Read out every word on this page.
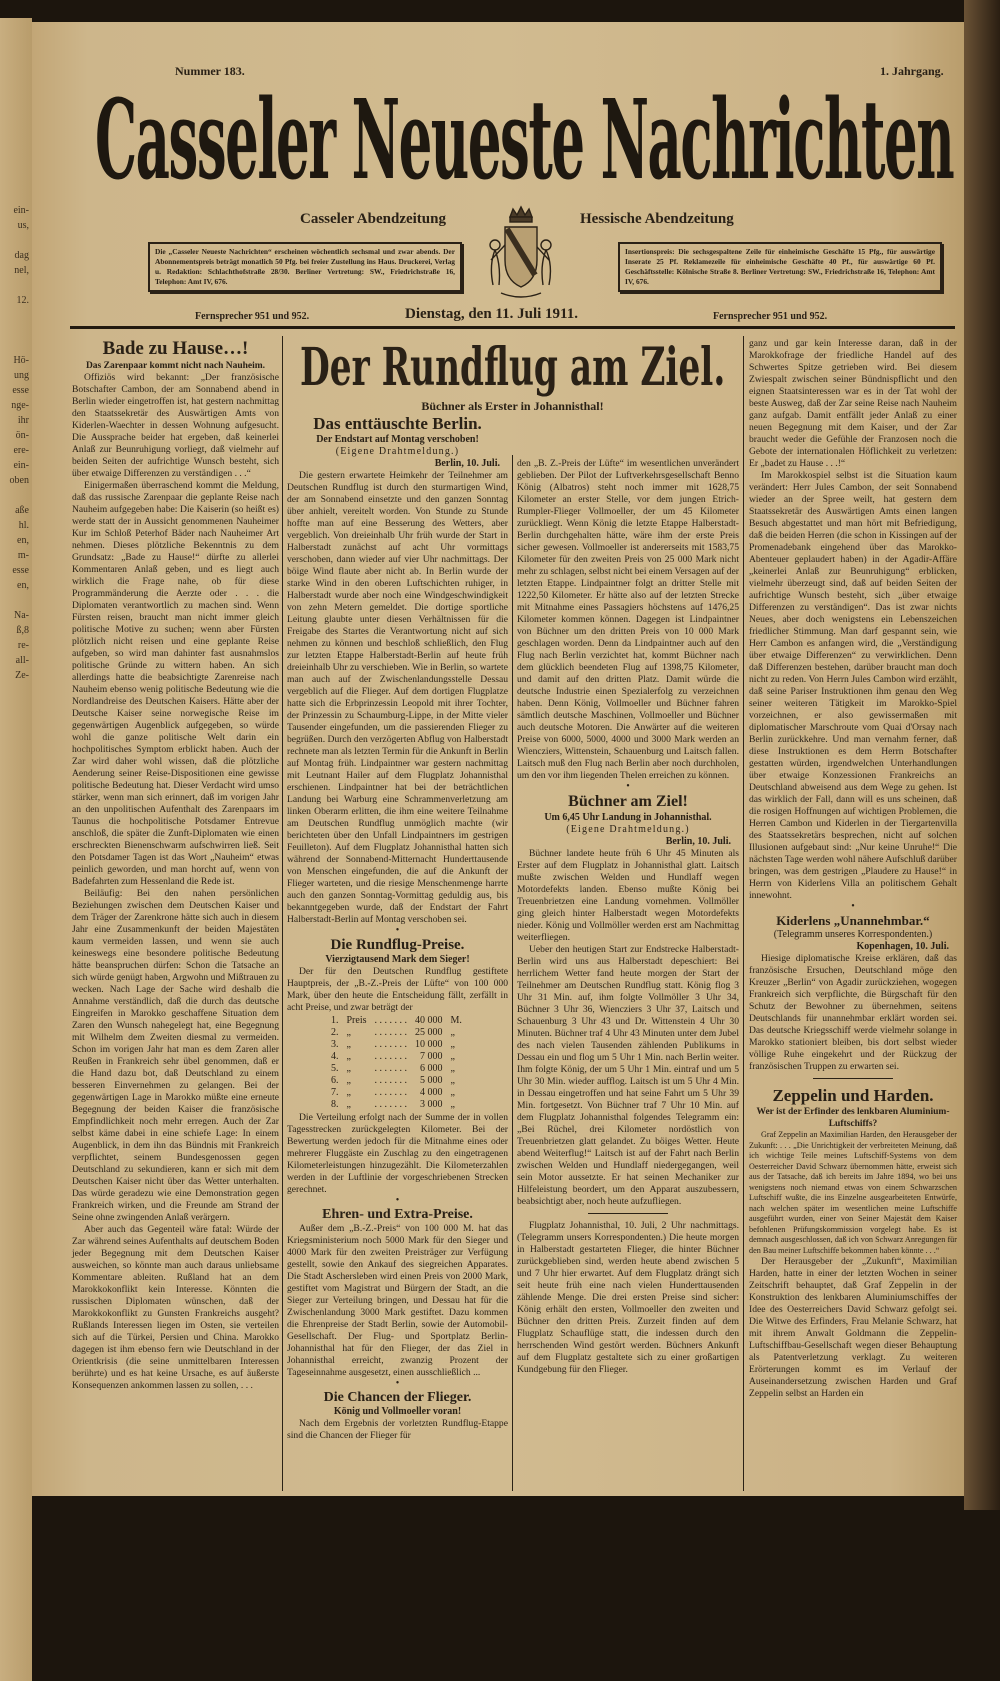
ein-
us,

dag
nel,

12.

Hö-
ung
esse
nge-
ihr
ön-
ere-
ein-
oben

aße
hl.
en,
m-
esse
en,

Na-
ß,8
re-
all-
Ze-
Nummer 183.	1. Jahrgang.
Casseler Neueste Nachrichten
Casseler Abendzeitung	Hessische Abendzeitung
Die „Casseler Neueste Nachrichten“ erscheinen wöchentlich sechsmal und zwar abends. Der Abonnementspreis beträgt monatlich 50 Pfg. bei freier Zustellung ins Haus. Druckerei, Verlag u. Redaktion: Schlachthofstraße 28/30. Berliner Vertretung: SW., Friedrichstraße 16, Telephon: Amt IV, 676.
Insertionspreis: Die sechsgespaltene Zeile für einheimische Geschäfte 15 Pfg., für auswärtige Inserate 25 Pf. Reklamezeile für einheimische Geschäfte 40 Pf., für auswärtige 60 Pf. Geschäftsstelle: Kölnische Straße 8. Berliner Vertretung: SW., Friedrichstraße 16, Telephon: Amt IV, 676.
Fernsprecher 951 und 952.	Dienstag, den 11. Juli 1911.	Fernsprecher 951 und 952.
Bade zu Hause…!
Das Zarenpaar kommt nicht nach Nauheim.

Offiziös wird bekannt: „Der französische Botschafter Cambon, der am Sonnabend abend in Berlin wieder eingetroffen ist, hat gestern nachmittag den Staatssekretär des Auswärtigen Amts von Kiderlen-Waechter in dessen Wohnung aufgesucht. Die Aussprache beider hat ergeben, daß keinerlei Anlaß zur Beunruhigung vorliegt, daß vielmehr auf beiden Seiten der aufrichtige Wunsch besteht, sich über etwaige Differenzen zu verständigen . . .“

Einigermaßen überraschend kommt die Meldung, daß das russische Zarenpaar die geplante Reise nach Nauheim aufgegeben habe: Die Kaiserin (so heißt es) werde statt der in Aussicht genommenen Nauheimer Kur im Schloß Peterhof Bäder nach Nauheimer Art nehmen. Dieses plötzliche Bekenntnis zu dem Grundsatz: „Bade zu Hause!“ dürfte zu allerlei Kommentaren Anlaß geben, und es liegt auch wirklich die Frage nahe, ob für diese Programmänderung die Aerzte oder . . . die Diplomaten verantwortlich zu machen sind. Wenn Fürsten reisen, braucht man nicht immer gleich politische Motive zu suchen; wenn aber Fürsten plötzlich nicht reisen und eine geplante Reise aufgeben, so wird man dahinter fast ausnahmslos politische Gründe zu wittern haben. An sich allerdings hatte die beabsichtigte Zarenreise nach Nauheim ebenso wenig politische Bedeutung wie die Nordlandreise des Deutschen Kaisers. Hätte aber der Deutsche Kaiser seine norwegische Reise im gegenwärtigen Augenblick aufgegeben, so würde wohl die ganze politische Welt darin ein hochpolitisches Symptom erblickt haben. Auch der Zar wird daher wohl wissen, daß die plötzliche Aenderung seiner Reise-Dispositionen eine gewisse politische Bedeutung hat. Dieser Verdacht wird umso stärker, wenn man sich erinnert, daß im vorigen Jahr an den unpolitischen Aufenthalt des Zarenpaars im Taunus die hochpolitische Potsdamer Entrevue anschloß, die später die Zunft-Diplomaten wie einen erschreckten Bienenschwarm aufschwirren ließ. Seit den Potsdamer Tagen ist das Wort „Nauheim“ etwas peinlich geworden, und man horcht auf, wenn von Badefahrten zum Hessenland die Rede ist.

Beiläufig: Bei den nahen persönlichen Beziehungen zwischen dem Deutschen Kaiser und dem Träger der Zarenkrone hätte sich auch in diesem Jahr eine Zusammenkunft der beiden Majestäten kaum vermeiden lassen, und wenn sie auch keineswegs eine besondere politische Bedeutung hätte beanspruchen dürfen: Schon die Tatsache an sich würde genügt haben, Argwohn und Mißtrauen zu wecken. Nach Lage der Sache wird deshalb die Annahme verständlich, daß die durch das deutsche Eingreifen in Marokko geschaffene Situation dem Zaren den Wunsch nahegelegt hat, eine Begegnung mit Wilhelm dem Zweiten diesmal zu vermeiden. Schon im vorigen Jahr hat man es dem Zaren aller Reußen in Frankreich sehr übel genommen, daß er die Hand dazu bot, daß Deutschland zu einem besseren Einvernehmen zu gelangen. Bei der gegenwärtigen Lage in Marokko müßte eine erneute Begegnung der beiden Kaiser die französische Empfindlichkeit noch mehr erregen. Auch der Zar selbst käme dabei in eine schiefe Lage: In einem Augenblick, in dem ihn das Bündnis mit Frankreich verpflichtet, seinem Bundesgenossen gegen Deutschland zu sekundieren, kann er sich mit dem Deutschen Kaiser nicht über das Wetter unterhalten. Das würde geradezu wie eine Demonstration gegen Frankreich wirken, und die Freunde am Strand der Seine ohne zwingenden Anlaß verärgern.

Aber auch das Gegenteil wäre fatal: Würde der Zar während seines Aufenthalts auf deutschem Boden jeder Begegnung mit dem Deutschen Kaiser ausweichen, so könnte man auch daraus unliebsame Kommentare ableiten. Rußland hat an dem Marokkokonflikt kein Interesse. Könnten die russischen Diplomaten wünschen, daß der Marokkokonflikt zu Gunsten Frankreichs ausgeht? Rußlands Interessen liegen im Osten, sie verteilen sich auf die Türkei, Persien und China. Marokko dagegen ist ihm ebenso fern wie Deutschland in der Orientkrisis (die seine unmittelbaren Interessen berührte) und es hat keine Ursache, es auf äußerste Konsequenzen ankommen lassen zu sollen, . . .

Der Rundflug am Ziel.
Büchner als Erster in Johannisthal!
Das enttäuschte Berlin.
Der Endstart auf Montag verschoben!
(Eigene Drahtmeldung.)
Berlin, 10. Juli.

Die gestern erwartete Heimkehr der Teilnehmer am Deutschen Rundflug ist durch den sturmartigen Wind, der am Sonnabend einsetzte und den ganzen Sonntag über anhielt, vereitelt worden. Von Stunde zu Stunde hoffte man auf eine Besserung des Wetters, aber vergeblich. Von dreieinhalb Uhr früh wurde der Start in Halberstadt zunächst auf acht Uhr vormittags verschoben, dann wieder auf vier Uhr nachmittags. Der böige Wind flaute aber nicht ab. In Berlin wurde der starke Wind in den oberen Luftschichten ruhiger, in Halberstadt wurde aber noch eine Windgeschwindigkeit von zehn Metern gemeldet. Die dortige sportliche Leitung glaubte unter diesen Verhältnissen für die Freigabe des Startes die Verantwortung nicht auf sich nehmen zu können und beschloß schließlich, den Flug zur letzten Etappe Halberstadt-Berlin auf heute früh dreieinhalb Uhr zu verschieben. Wie in Berlin, so wartete man auch auf der Zwischenlandungsstelle Dessau vergeblich auf die Flieger. Auf dem dortigen Flugplatze hatte sich die Erbprinzessin Leopold mit ihrer Tochter, der Prinzessin zu Schaumburg-Lippe, in der Mitte vieler Tausender eingefunden, um die passierenden Flieger zu begrüßen. Durch den verzögerten Abflug von Halberstadt rechnete man als letzten Termin für die Ankunft in Berlin auf Montag früh. Lindpaintner war gestern nachmittag mit Leutnant Hailer auf dem Flugplatz Johannisthal erschienen. Lindpaintner hat bei der beträchtlichen Landung bei Warburg eine Schrammenverletzung am linken Oberarm erlitten, die ihm eine weitere Teilnahme am Deutschen Rundflug unmöglich machte (wir berichteten über den Unfall Lindpaintners im gestrigen Feuilleton). Auf dem Flugplatz Johannisthal hatten sich während der Sonnabend-Mitternacht Hunderttausende von Menschen eingefunden, die auf die Ankunft der Flieger warteten, und die riesige Menschenmenge harrte auch den ganzen Sonntag-Vormittag geduldig aus, bis bekanntgegeben wurde, daß der Endstart der Fahrt Halberstadt-Berlin auf Montag verschoben sei.

•
Die Rundflug-Preise.
Vierzigtausend Mark dem Sieger!

Der für den Deutschen Rundflug gestiftete Hauptpreis, der „B.-Z.-Preis der Lüfte“ von 100 000 Mark, über den heute die Entscheidung fällt, zerfällt in acht Preise, und zwar beträgt der

1.	Preis	. . . . . . .	40 000	M.
2.	„	. . . . . . .	25 000	„
3.	„	. . . . . . .	10 000	„
4.	„	. . . . . . .	7 000	„
5.	„	. . . . . . .	6 000	„
6.	„	. . . . . . .	5 000	„
7.	„	. . . . . . .	4 000	„
8.	„	. . . . . . .	3 000	„

Die Verteilung erfolgt nach der Summe der in vollen Tagesstrecken zurückgelegten Kilometer. Bei der Bewertung werden jedoch für die Mitnahme eines oder mehrerer Fluggäste ein Zuschlag zu den eingetragenen Kilometerleistungen hinzugezählt. Die Kilometerzahlen werden in der Luftlinie der vorgeschriebenen Strecken gerechnet.

•
Ehren- und Extra-Preise.

Außer dem „B.-Z.-Preis“ von 100 000 M. hat das Kriegsministerium noch 5000 Mark für den Sieger und 4000 Mark für den zweiten Preisträger zur Verfügung gestellt, sowie den Ankauf des siegreichen Apparates. Die Stadt Aschersleben wird einen Preis von 2000 Mark, gestiftet vom Magistrat und Bürgern der Stadt, an die Sieger zur Verteilung bringen, und Dessau hat für die Zwischenlandung 3000 Mark gestiftet. Dazu kommen die Ehrenpreise der Stadt Berlin, sowie der Automobil-Gesellschaft. Der Flug- und Sportplatz Berlin-Johannisthal hat für den Flieger, der das Ziel in Johannisthal erreicht, zwanzig Prozent der Tageseinnahme ausgesetzt, einen ausschließlich ...

•
Die Chancen der Flieger.
König und Vollmoeller voran!

Nach dem Ergebnis der vorletzten Rundflug-Etappe sind die Chancen der Flieger für

den „B. Z.-Preis der Lüfte“ im wesentlichen unverändert geblieben. Der Pilot der Luftverkehrsgesellschaft Benno König (Albatros) steht noch immer mit 1628,75 Kilometer an erster Stelle, vor dem jungen Etrich-Rumpler-Flieger Vollmoeller, der um 45 Kilometer zurückliegt. Wenn König die letzte Etappe Halberstadt-Berlin durchgehalten hätte, wäre ihm der erste Preis sicher gewesen. Vollmoeller ist andererseits mit 1583,75 Kilometer für den zweiten Preis von 25 000 Mark nicht mehr zu schlagen, selbst nicht bei einem Versagen auf der letzten Etappe. Lindpaintner folgt an dritter Stelle mit 1222,50 Kilometer. Er hätte also auf der letzten Strecke mit Mitnahme eines Passagiers höchstens auf 1476,25 Kilometer kommen können. Dagegen ist Lindpaintner von Büchner um den dritten Preis von 10 000 Mark geschlagen worden. Denn da Lindpaintner auch auf den Flug nach Berlin verzichtet hat, kommt Büchner nach dem glücklich beendeten Flug auf 1398,75 Kilometer, und damit auf den dritten Platz. Damit würde die deutsche Industrie einen Spezialerfolg zu verzeichnen haben. Denn König, Vollmoeller und Büchner fahren sämtlich deutsche Maschinen, Vollmoeller und Büchner auch deutsche Motoren. Die Anwärter auf die weiteren Preise von 6000, 5000, 4000 und 3000 Mark werden an Wiencziers, Wittenstein, Schauenburg und Laitsch fallen. Laitsch muß den Flug nach Berlin aber noch durchholen, um den vor ihm liegenden Thelen erreichen zu können.

•
Büchner am Ziel!
Um 6,45 Uhr Landung in Johannisthal.
(Eigene Drahtmeldung.)
Berlin, 10. Juli.

Büchner landete heute früh 6 Uhr 45 Minuten als Erster auf dem Flugplatz in Johannisthal glatt. Laitsch mußte zwischen Welden und Hundlaff wegen Motordefekts landen. Ebenso mußte König bei Treuenbrietzen eine Landung vornehmen. Vollmöller ging gleich hinter Halberstadt wegen Motordefekts nieder. König und Vollmöller werden erst am Nachmittag weiterfliegen.

Ueber den heutigen Start zur Endstrecke Halberstadt-Berlin wird uns aus Halberstadt depeschiert: Bei herrlichem Wetter fand heute morgen der Start der Teilnehmer am Deutschen Rundflug statt. König flog 3 Uhr 31 Min. auf, ihm folgte Vollmöller 3 Uhr 34, Büchner 3 Uhr 36, Wiencziers 3 Uhr 37, Laitsch und Schauenburg 3 Uhr 43 und Dr. Wittenstein 4 Uhr 30 Minuten. Büchner traf 4 Uhr 43 Minuten unter dem Jubel des nach vielen Tausenden zählenden Publikums in Dessau ein und flog um 5 Uhr 1 Min. nach Berlin weiter. Ihm folgte König, der um 5 Uhr 1 Min. eintraf und um 5 Uhr 30 Min. wieder aufflog. Laitsch ist um 5 Uhr 4 Min. in Dessau eingetroffen und hat seine Fahrt um 5 Uhr 39 Min. fortgesetzt. Von Büchner traf 7 Uhr 10 Min. auf dem Flugplatz Johannisthal folgendes Telegramm ein: „Bei Rüchel, drei Kilometer nordöstlich von Treuenbrietzen glatt gelandet. Zu böiges Wetter. Heute abend Weiterflug!“ Laitsch ist auf der Fahrt nach Berlin zwischen Welden und Hundlaff niedergegangen, weil sein Motor aussetzte. Er hat seinen Mechaniker zur Hilfeleistung beordert, um den Apparat auszubessern, beabsichtigt aber, noch heute aufzufliegen.

Flugplatz Johannisthal, 10. Juli, 2 Uhr nachmittags. (Telegramm unsers Korrespondenten.) Die heute morgen in Halberstadt gestarteten Flieger, die hinter Büchner zurückgeblieben sind, werden heute abend zwischen 5 und 7 Uhr hier erwartet. Auf dem Flugplatz drängt sich seit heute früh eine nach vielen Hunderttausenden zählende Menge. Die drei ersten Preise sind sicher: König erhält den ersten, Vollmoeller den zweiten und Büchner den dritten Preis. Zurzeit finden auf dem Flugplatz Schauflüge statt, die indessen durch den herrschenden Wind gestört werden. Büchners Ankunft auf dem Flugplatz gestaltete sich zu einer großartigen Kundgebung für den Flieger.

ganz und gar kein Interesse daran, daß in der Marokkofrage der friedliche Handel auf des Schwertes Spitze getrieben wird. Bei diesem Zwiespalt zwischen seiner Bündnispflicht und den eignen Staatsinteressen war es in der Tat wohl der beste Ausweg, daß der Zar seine Reise nach Nauheim ganz aufgab. Damit entfällt jeder Anlaß zu einer neuen Begegnung mit dem Kaiser, und der Zar braucht weder die Gefühle der Franzosen noch die Gebote der internationalen Höflichkeit zu verletzen: Er „badet zu Hause . . .!“

Im Marokkospiel selbst ist die Situation kaum verändert: Herr Jules Cambon, der seit Sonnabend wieder an der Spree weilt, hat gestern dem Staatssekretär des Auswärtigen Amts einen langen Besuch abgestattet und man hört mit Befriedigung, daß die beiden Herren (die schon in Kissingen auf der Promenadebank eingehend über das Marokko-Abenteuer geplaudert haben) in der Agadir-Affäre „keinerlei Anlaß zur Beunruhigung“ erblicken, vielmehr überzeugt sind, daß auf beiden Seiten der aufrichtige Wunsch besteht, sich „über etwaige Differenzen zu verständigen“. Das ist zwar nichts Neues, aber doch wenigstens ein Lebenszeichen friedlicher Stimmung. Man darf gespannt sein, wie Herr Cambon es anfangen wird, die „Verständigung über etwaige Differenzen“ zu verwirklichen. Denn daß Differenzen bestehen, darüber braucht man doch nicht zu reden. Von Herrn Jules Cambon wird erzählt, daß seine Pariser Instruktionen ihm genau den Weg seiner weiteren Tätigkeit im Marokko-Spiel vorzeichnen, er also gewissermaßen mit diplomatischer Marschroute vom Quai d'Orsay nach Berlin zurückkehre. Und man vernahm ferner, daß diese Instruktionen es dem Herrn Botschafter gestatten würden, irgendwelchen Unterhandlungen über etwaige Konzessionen Frankreichs an Deutschland abweisend aus dem Wege zu gehen. Ist das wirklich der Fall, dann will es uns scheinen, daß die rosigen Hoffnungen auf wichtigen Problemen, die Herren Cambon und Kiderlen in der Tiergartenvilla des Staatssekretärs besprechen, nicht auf solchen Illusionen aufgebaut sind: „Nur keine Unruhe!“ Die nächsten Tage werden wohl nähere Aufschluß darüber bringen, was dem gestrigen „Plaudere zu Hause!“ in Herrn von Kiderlens Villa an politischem Gehalt innewohnt.

•
Kiderlens „Unannehmbar.“
(Telegramm unseres Korrespondenten.)
Kopenhagen, 10. Juli.

Hiesige diplomatische Kreise erklären, daß das französische Ersuchen, Deutschland möge den Kreuzer „Berlin“ von Agadir zurückziehen, wogegen Frankreich sich verpflichte, die Bürgschaft für den Schutz der Bewohner zu übernehmen, seitens Deutschlands für unannehmbar erklärt worden sei. Das deutsche Kriegsschiff werde vielmehr solange in Marokko stationiert bleiben, bis dort selbst wieder völlige Ruhe eingekehrt und der Rückzug der französischen Truppen zu erwarten sei.

Zeppelin und Harden.
Wer ist der Erfinder des lenkbaren Aluminium-Luftschiffs?

Graf Zeppelin an Maximilian Harden, den Herausgeber der Zukunft: . . . „Die Unrichtigkeit der verbreiteten Meinung, daß ich wichtige Teile meines Luftschiff-Systems von dem Oesterreicher David Schwarz übernommen hätte, erweist sich aus der Tatsache, daß ich bereits im Jahre 1894, wo bei uns wenigstens noch niemand etwas von einem Schwarzschen Luftschiff wußte, die ins Einzelne ausgearbeiteten Entwürfe, nach welchen später im wesentlichen meine Luftschiffe ausgeführt wurden, einer von Seiner Majestät dem Kaiser befohlenen Prüfungskommission vorgelegt habe. Es ist demnach ausgeschlossen, daß ich von Schwarz Anregungen für den Bau meiner Luftschiffe bekommen haben könnte . . .“

Der Herausgeber der „Zukunft“, Maximilian Harden, hatte in einer der letzten Wochen in seiner Zeitschrift behauptet, daß Graf Zeppelin in der Konstruktion des lenkbaren Aluminiumschiffes der Idee des Oesterreichers David Schwarz gefolgt sei. Die Witwe des Erfinders, Frau Melanie Schwarz, hat mit ihrem Anwalt Goldmann die Zeppelin-Luftschiffbau-Gesellschaft wegen dieser Behauptung als Patentverletzung verklagt. Zu weiteren Erörterungen kommt es im Verlauf der Auseinandersetzung zwischen Harden und Graf Zeppelin selbst an Harden ein
